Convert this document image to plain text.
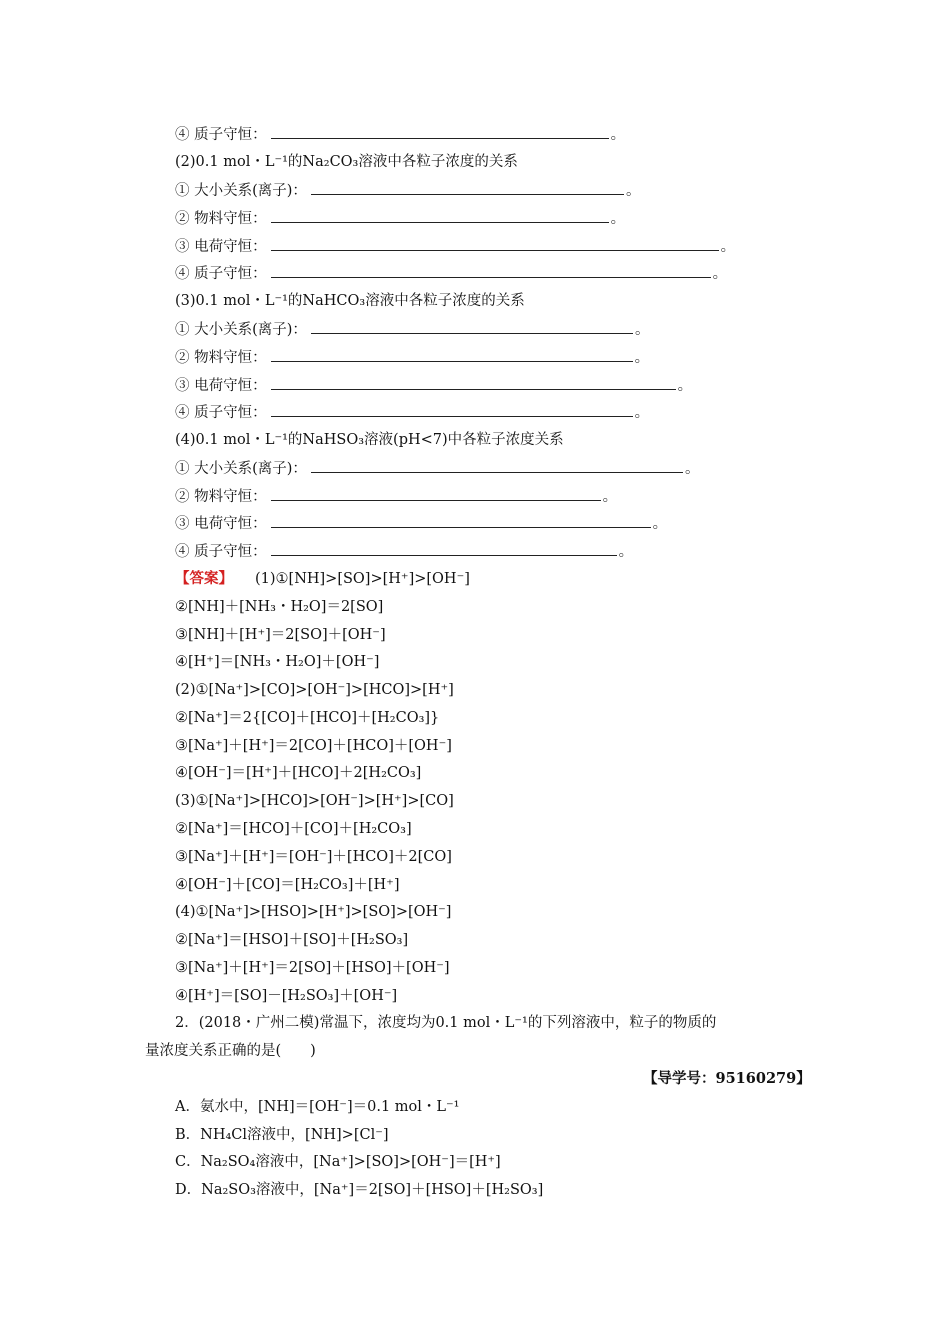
④ 质子守恒：	。
(2)0.1 mol・L⁻¹的Na₂CO₃溶液中各粒子浓度的关系
① 大小关系(离子)：	。
② 物料守恒：	。
③ 电荷守恒：	。
④ 质子守恒：	。
(3)0.1 mol・L⁻¹的NaHCO₃溶液中各粒子浓度的关系
① 大小关系(离子)：	。
② 物料守恒：	。
③ 电荷守恒：	。
④ 质子守恒：	。
(4)0.1 mol・L⁻¹的NaHSO₃溶液(pH<7)中各粒子浓度关系
① 大小关系(离子)：	。
② 物料守恒：	。
③ 电荷守恒：	。
④ 质子守恒：	。
【答案】 (1)①[NH]>[SO]>[H⁺]>[OH⁻]
②[NH]＋[NH₃・H₂O]＝2[SO]
③[NH]＋[H⁺]＝2[SO]＋[OH⁻]
④[H⁺]＝[NH₃・H₂O]＋[OH⁻]
(2)①[Na⁺]>[CO]>[OH⁻]>[HCO]>[H⁺]
②[Na⁺]＝2{[CO]＋[HCO]＋[H₂CO₃]}
③[Na⁺]＋[H⁺]＝2[CO]＋[HCO]＋[OH⁻]
④[OH⁻]＝[H⁺]＋[HCO]＋2[H₂CO₃]
(3)①[Na⁺]>[HCO]>[OH⁻]>[H⁺]>[CO]
②[Na⁺]＝[HCO]＋[CO]＋[H₂CO₃]
③[Na⁺]＋[H⁺]＝[OH⁻]＋[HCO]＋2[CO]
④[OH⁻]＋[CO]＝[H₂CO₃]＋[H⁺]
(4)①[Na⁺]>[HSO]>[H⁺]>[SO]>[OH⁻]
②[Na⁺]＝[HSO]＋[SO]＋[H₂SO₃]
③[Na⁺]＋[H⁺]＝2[SO]＋[HSO]＋[OH⁻]
④[H⁺]＝[SO]－[H₂SO₃]＋[OH⁻]
2．(2018・广州二模)常温下，浓度均为0.1 mol・L⁻¹的下列溶液中，粒子的物质的
量浓度关系正确的是(　　)
【导学号：95160279】
A．氨水中，[NH]＝[OH⁻]＝0.1 mol・L⁻¹
B．NH₄Cl溶液中，[NH]>[Cl⁻]
C．Na₂SO₄溶液中，[Na⁺]>[SO]>[OH⁻]＝[H⁺]
D．Na₂SO₃溶液中，[Na⁺]＝2[SO]＋[HSO]＋[H₂SO₃]
